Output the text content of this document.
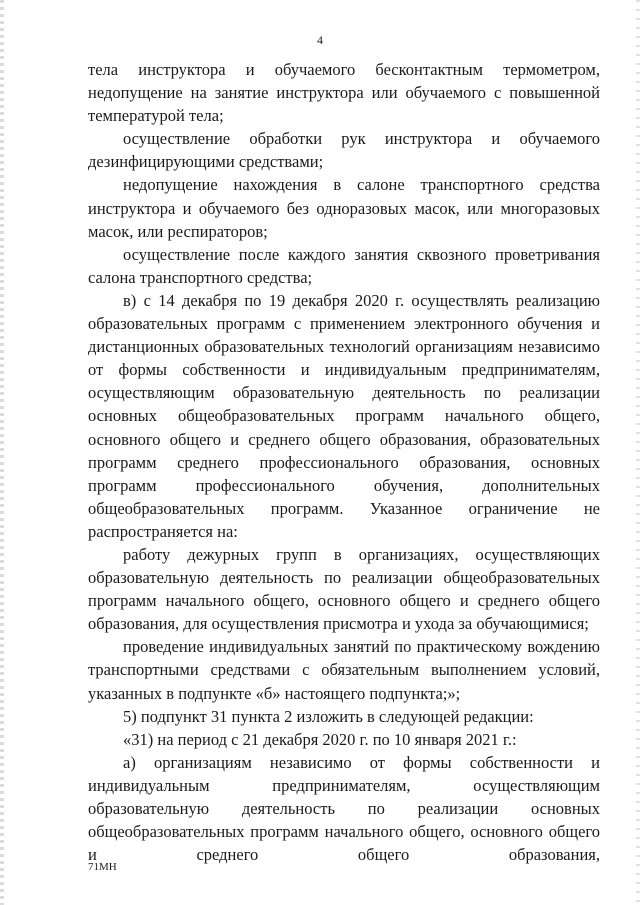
4

тела инструктора и обучаемого бесконтактным термометром, недопущение на занятие инструктора или обучаемого с повышенной температурой тела;

осуществление обработки рук инструктора и обучаемого дезинфицирующими средствами;

недопущение нахождения в салоне транспортного средства инструктора и обучаемого без одноразовых масок, или многоразовых масок, или респираторов;

осуществление после каждого занятия сквозного проветривания салона транспортного средства;

в) с 14 декабря по 19 декабря 2020 г. осуществлять реализацию образовательных программ с применением электронного обучения и дистанционных образовательных технологий организациям независимо от формы собственности и индивидуальным предпринимателям, осуществляющим образовательную деятельность по реализации основных общеобразовательных программ начального общего, основного общего и среднего общего образования, образовательных программ среднего профессионального образования, основных программ профессионального обучения, дополнительных общеобразовательных программ. Указанное ограничение не распространяется на:

работу дежурных групп в организациях, осуществляющих образовательную деятельность по реализации общеобразовательных программ начального общего, основного общего и среднего общего образования, для осуществления присмотра и ухода за обучающимися;

проведение индивидуальных занятий по практическому вождению транспортными средствами с обязательным выполнением условий, указанных в подпункте «б» настоящего подпункта;»;

5) подпункт 31 пункта 2 изложить в следующей редакции:

«31) на период с 21 декабря 2020 г. по 10 января 2021 г.:

а) организациям независимо от формы собственности и индивидуальным предпринимателям, осуществляющим образовательную деятельность по реализации основных общеобразовательных программ начального общего, основного общего и среднего общего образования,

71МН
